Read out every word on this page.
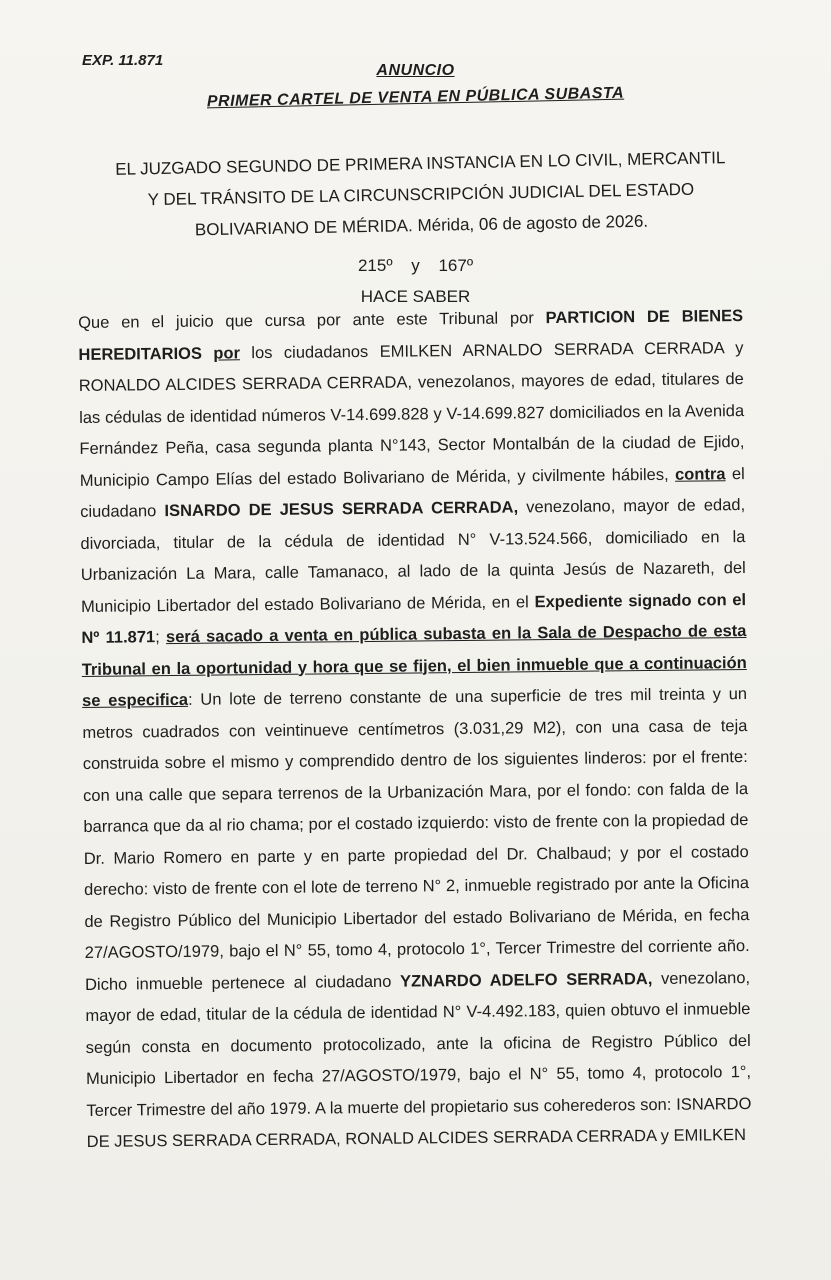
EXP. 11.871
ANUNCIO
PRIMER CARTEL DE VENTA EN PÚBLICA SUBASTA
EL JUZGADO SEGUNDO DE PRIMERA INSTANCIA EN LO CIVIL, MERCANTIL
Y DEL TRÁNSITO DE LA CIRCUNSCRIPCIÓN JUDICIAL DEL ESTADO
BOLIVARIANO DE MÉRIDA. Mérida, 06 de agosto de 2026.
215º y 167º
HACE SABER
Que en el juicio que cursa por ante este Tribunal por PARTICION DE BIENES HEREDITARIOS por los ciudadanos EMILKEN ARNALDO SERRADA CERRADA y RONALDO ALCIDES SERRADA CERRADA, venezolanos, mayores de edad, titulares de las cédulas de identidad números V-14.699.828 y V-14.699.827 domiciliados en la Avenida Fernández Peña, casa segunda planta N°143, Sector Montalbán de la ciudad de Ejido, Municipio Campo Elías del estado Bolivariano de Mérida, y civilmente hábiles, contra el ciudadano ISNARDO DE JESUS SERRADA CERRADA, venezolano, mayor de edad, divorciada, titular de la cédula de identidad N° V-13.524.566, domiciliado en la Urbanización La Mara, calle Tamanaco, al lado de la quinta Jesús de Nazareth, del Municipio Libertador del estado Bolivariano de Mérida, en el Expediente signado con el Nº 11.871; será sacado a venta en pública subasta en la Sala de Despacho de esta Tribunal en la oportunidad y hora que se fijen, el bien inmueble que a continuación se especifica: Un lote de terreno constante de una superficie de tres mil treinta y un metros cuadrados con veintinueve centímetros (3.031,29 M2), con una casa de teja construida sobre el mismo y comprendido dentro de los siguientes linderos: por el frente: con una calle que separa terrenos de la Urbanización Mara, por el fondo: con falda de la barranca que da al rio chama; por el costado izquierdo: visto de frente con la propiedad de Dr. Mario Romero en parte y en parte propiedad del Dr. Chalbaud; y por el costado derecho: visto de frente con el lote de terreno N° 2, inmueble registrado por ante la Oficina de Registro Público del Municipio Libertador del estado Bolivariano de Mérida, en fecha 27/AGOSTO/1979, bajo el N° 55, tomo 4, protocolo 1°, Tercer Trimestre del corriente año. Dicho inmueble pertenece al ciudadano YZNARDO ADELFO SERRADA, venezolano, mayor de edad, titular de la cédula de identidad N° V-4.492.183, quien obtuvo el inmueble según consta en documento protocolizado, ante la oficina de Registro Público del Municipio Libertador en fecha 27/AGOSTO/1979, bajo el N° 55, tomo 4, protocolo 1°, Tercer Trimestre del año 1979. A la muerte del propietario sus coherederos son: ISNARDO DE JESUS SERRADA CERRADA, RONALD ALCIDES SERRADA CERRADA y EMILKEN
